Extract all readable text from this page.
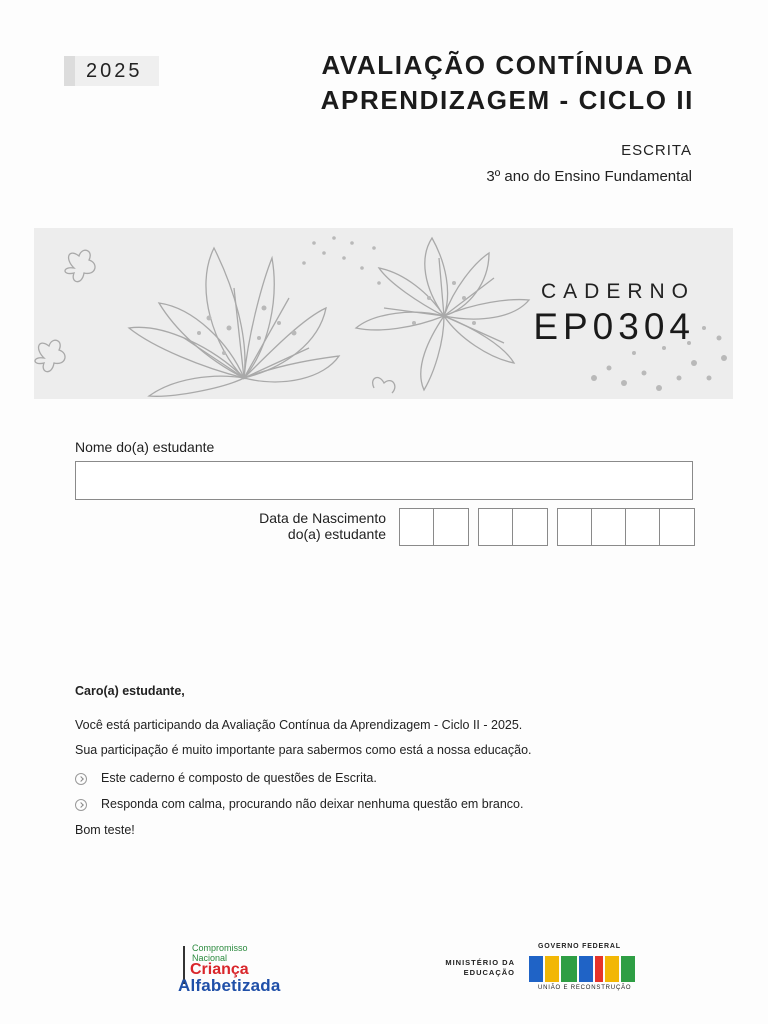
2025	AVALIAÇÃO CONTÍNUA DA
APRENDIZAGEM - CICLO II
ESCRITA
3º ano do Ensino Fundamental
CADERNO
EP0304
Nome do(a) estudante
Data de Nascimento
do(a) estudante
Caro(a) estudante,
Você está participando da Avaliação Contínua da Aprendizagem - Ciclo II - 2025.
Sua participação é muito importante para sabermos como está a nossa educação.
Este caderno é composto de questões de Escrita.
Responda com calma, procurando não deixar nenhuma questão em branco.
Bom teste!
Compromisso
Nacional
Criança
Alfabetizada
MINISTÉRIO DA
EDUCAÇÃO
GOVERNO FEDERAL
UNIÃO E RECONSTRUÇÃO
